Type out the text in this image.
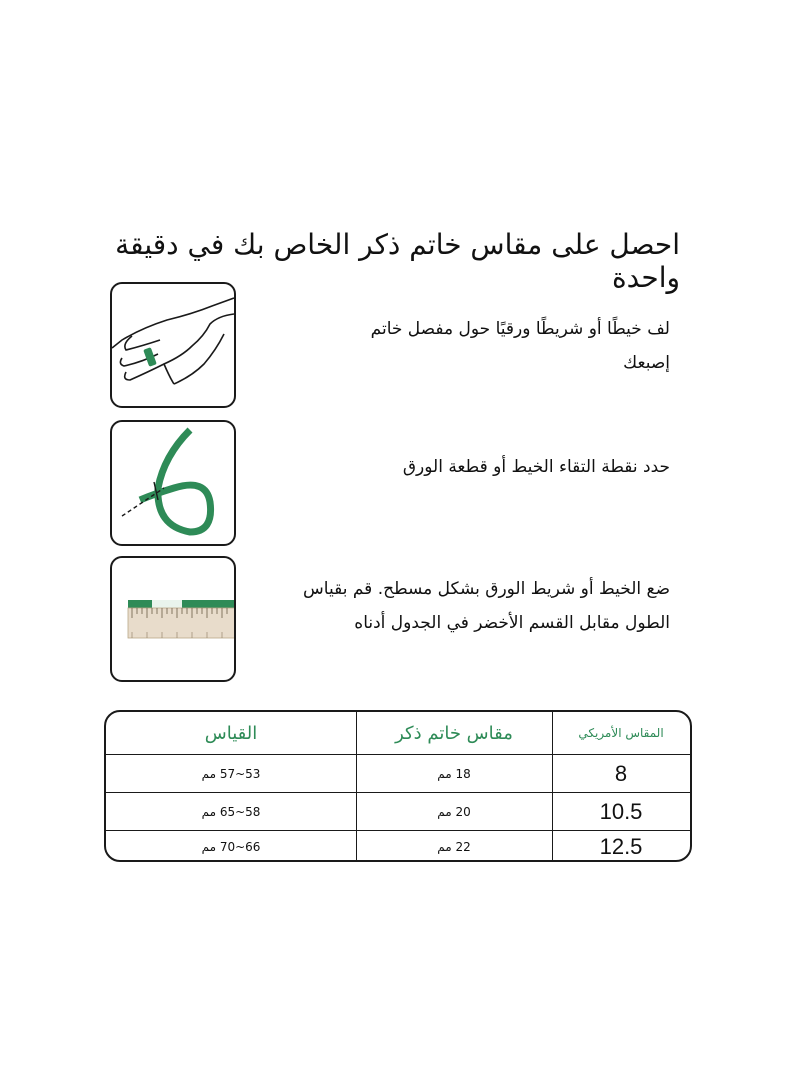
احصل على مقاس خاتم ذكر الخاص بك في دقيقة واحدة
لف خيطًا أو شريطًا ورقيًا حول مفصل خاتم
إصبعك
حدد نقطة التقاء الخيط أو قطعة الورق
ضع الخيط أو شريط الورق بشكل مسطح. قم بقياس
الطول مقابل القسم الأخضر في الجدول أدناه
القياس	مقاس خاتم ذكر	المقاس الأمريكي
53~57 مم	18 مم	8
58~65 مم	20 مم	10.5
66~70 مم	22 مم	12.5
